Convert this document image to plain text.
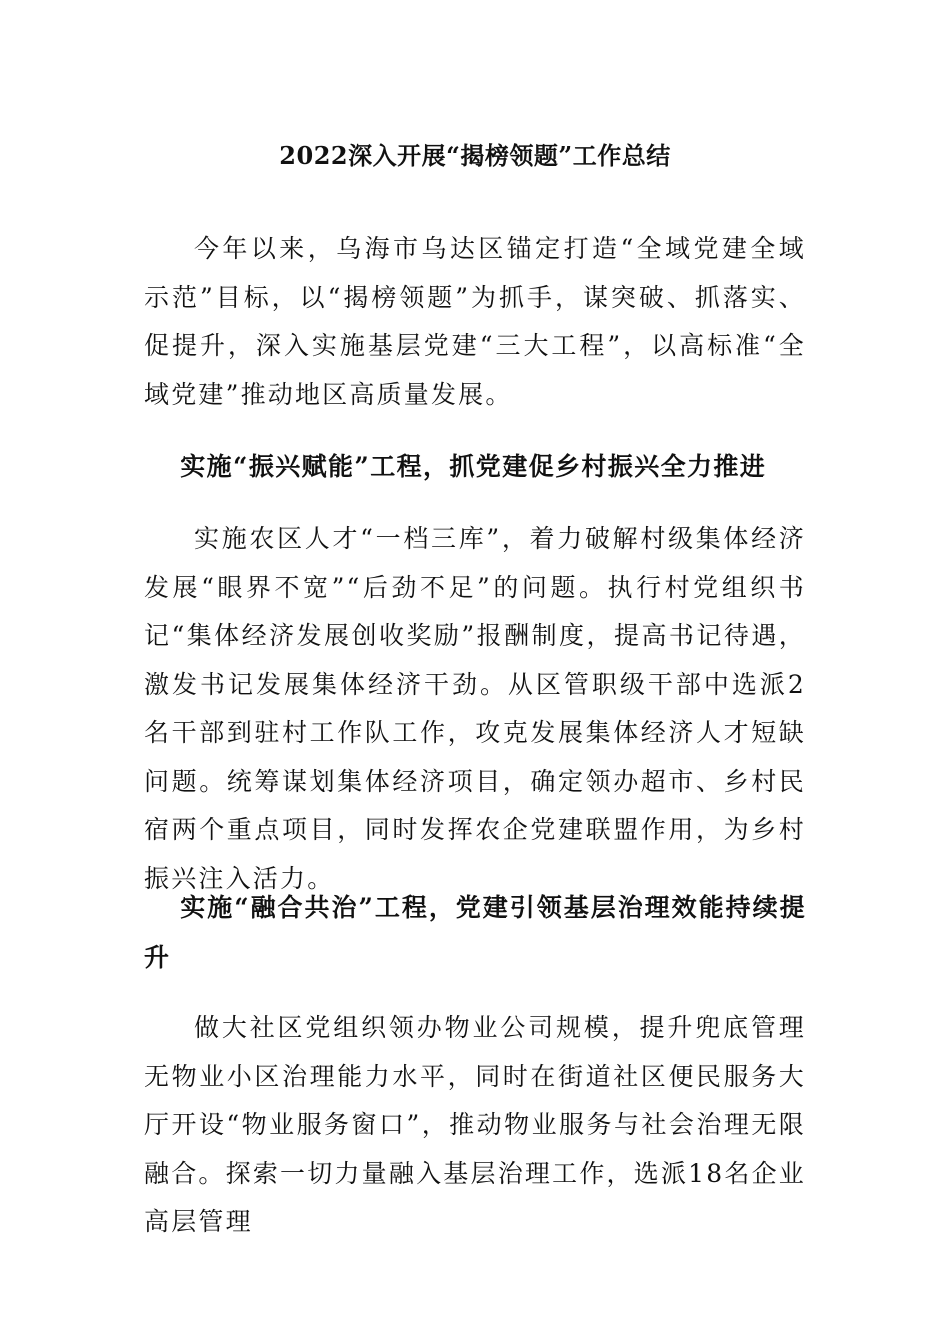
2022深入开展“揭榜领题”工作总结

今年以来，乌海市乌达区锚定打造“全域党建全域示范”目标，以“揭榜领题”为抓手，谋突破、抓落实、促提升，深入实施基层党建“三大工程”，以高标准“全域党建”推动地区高质量发展。

实施“振兴赋能”工程，抓党建促乡村振兴全力推进

实施农区人才“一档三库”，着力破解村级集体经济发展“眼界不宽”“后劲不足”的问题。执行村党组织书记“集体经济发展创收奖励”报酬制度，提高书记待遇，激发书记发展集体经济干劲。从区管职级干部中选派2名干部到驻村工作队工作，攻克发展集体经济人才短缺问题。统筹谋划集体经济项目，确定领办超市、乡村民宿两个重点项目，同时发挥农企党建联盟作用，为乡村振兴注入活力。

实施“融合共治”工程，党建引领基层治理效能持续提升

做大社区党组织领办物业公司规模，提升兜底管理无物业小区治理能力水平，同时在街道社区便民服务大厅开设“物业服务窗口”，推动物业服务与社会治理无限融合。探索一切力量融入基层治理工作，选派18名企业高层管理
